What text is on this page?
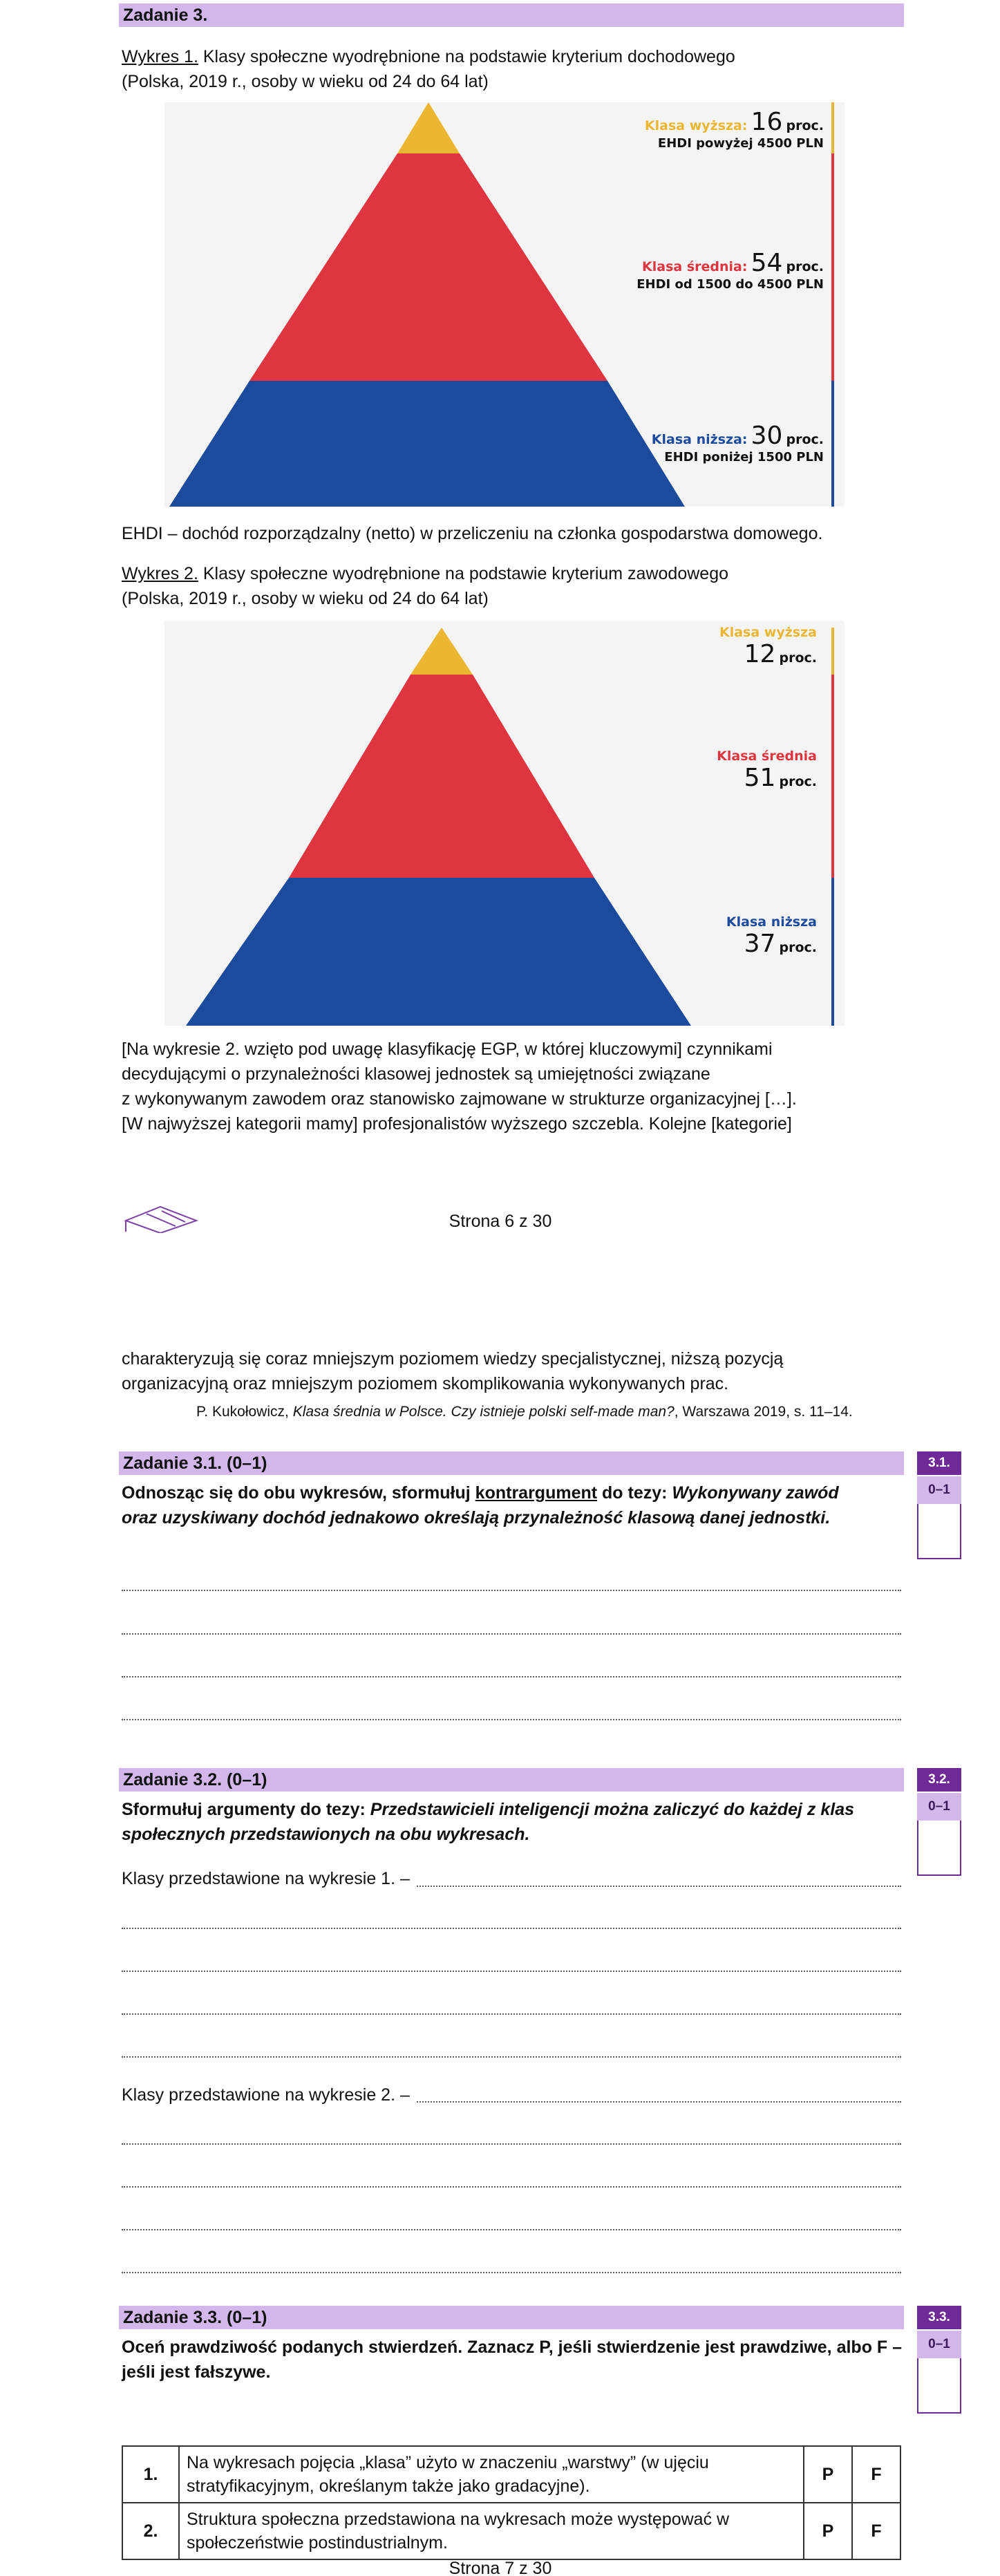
Zadanie 3.
Wykres 1. Klasy społeczne wyodrębnione na podstawie kryterium dochodowego
(Polska, 2019 r., osoby w wieku od 24 do 64 lat)
Klasa wyższa: 16 proc.
EHDI powyżej 4500 PLN
Klasa średnia: 54 proc.
EHDI od 1500 do 4500 PLN
Klasa niższa: 30 proc.
EHDI poniżej 1500 PLN
EHDI – dochód rozporządzalny (netto) w przeliczeniu na członka gospodarstwa domowego.
Wykres 2. Klasy społeczne wyodrębnione na podstawie kryterium zawodowego
(Polska, 2019 r., osoby w wieku od 24 do 64 lat)
Klasa wyższa
12 proc.
Klasa średnia
51 proc.
Klasa niższa
37 proc.
[Na wykresie 2. wzięto pod uwagę klasyfikację EGP, w której kluczowymi] czynnikami
decydującymi o przynależności klasowej jednostek są umiejętności związane
z wykonywanym zawodem oraz stanowisko zajmowane w strukturze organizacyjnej […].
[W najwyższej kategorii mamy] profesjonalistów wyższego szczebla. Kolejne [kategorie]
Strona 6 z 30
charakteryzują się coraz mniejszym poziomem wiedzy specjalistycznej, niższą pozycją
organizacyjną oraz mniejszym poziomem skomplikowania wykonywanych prac.
P. Kukołowicz, Klasa średnia w Polsce. Czy istnieje polski self-made man?, Warszawa 2019, s. 11–14.
Zadanie 3.1. (0–1)	3.1.
0–1
Odnosząc się do obu wykresów, sformułuj kontrargument do tezy: Wykonywany zawód oraz uzyskiwany dochód jednakowo określają przynależność klasową danej jednostki.
Zadanie 3.2. (0–1)	3.2.
0–1
Sformułuj argumenty do tezy: Przedstawicieli inteligencji można zaliczyć do każdej z klas społecznych przedstawionych na obu wykresach.
Klasy przedstawione na wykresie 1. –
Klasy przedstawione na wykresie 2. –
Zadanie 3.3. (0–1)	3.3.
0–1
Oceń prawdziwość podanych stwierdzeń. Zaznacz P, jeśli stwierdzenie jest prawdziwe, albo F – jeśli jest fałszywe.
1.	Na wykresach pojęcia „klasa” użyto w znaczeniu „warstwy” (w ujęciu stratyfikacyjnym, określanym także jako gradacyjne).	P	F
2.	Struktura społeczna przedstawiona na wykresach może występować w społeczeństwie postindustrialnym.	P	F
Strona 7 z 30
